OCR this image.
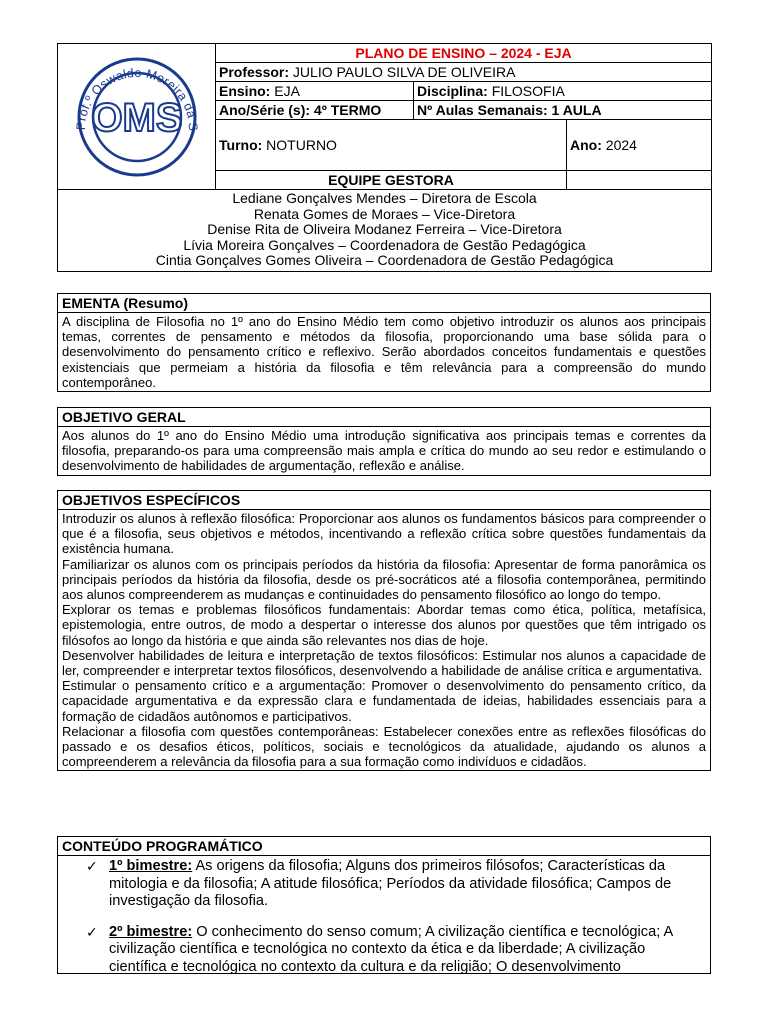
Prof.º Oswaldo Moreira da S
OMS	PLANO DE ENSINO – 2024 - EJA		
	Professor: JULIO PAULO SILVA DE OLIVEIRA		
	Ensino: EJA	Disciplina: FILOSOFIA	
	Ano/Série (s): 4º TERMO	Nº Aulas Semanais: 1 AULA	
	Turno: NOTURNO		Ano: 2024
	EQUIPE GESTORA		

Lediane Gonçalves Mendes – Diretora de Escola
Renata Gomes de Moraes – Vice-Diretora
Denise Rita de Oliveira Modanez Ferreira – Vice-Diretora
Lívia Moreira Gonçalves – Coordenadora de Gestão Pedagógica
Cintia Gonçalves Gomes Oliveira – Coordenadora de Gestão Pedagógica			
EMENTA (Resumo)
A disciplina de Filosofia no 1º ano do Ensino Médio tem como objetivo introduzir os alunos aos principais temas, correntes de pensamento e métodos da filosofia, proporcionando uma base sólida para o desenvolvimento do pensamento crítico e reflexivo. Serão abordados conceitos fundamentais e questões existenciais que permeiam a história da filosofia e têm relevância para a compreensão do mundo contemporâneo.
OBJETIVO GERAL
Aos alunos do 1º ano do Ensino Médio uma introdução significativa aos principais temas e correntes da filosofia, preparando-os para uma compreensão mais ampla e crítica do mundo ao seu redor e estimulando o desenvolvimento de habilidades de argumentação, reflexão e análise.
OBJETIVOS ESPECÍFICOS

Introduzir os alunos à reflexão filosófica: Proporcionar aos alunos os fundamentos básicos para compreender o que é a filosofia, seus objetivos e métodos, incentivando a reflexão crítica sobre questões fundamentais da existência humana.

Familiarizar os alunos com os principais períodos da história da filosofia: Apresentar de forma panorâmica os principais períodos da história da filosofia, desde os pré-socráticos até a filosofia contemporânea, permitindo aos alunos compreenderem as mudanças e continuidades do pensamento filosófico ao longo do tempo.

Explorar os temas e problemas filosóficos fundamentais: Abordar temas como ética, política, metafísica, epistemologia, entre outros, de modo a despertar o interesse dos alunos por questões que têm intrigado os filósofos ao longo da história e que ainda são relevantes nos dias de hoje.

Desenvolver habilidades de leitura e interpretação de textos filosóficos: Estimular nos alunos a capacidade de ler, compreender e interpretar textos filosóficos, desenvolvendo a habilidade de análise crítica e argumentativa.

Estimular o pensamento crítico e a argumentação: Promover o desenvolvimento do pensamento crítico, da capacidade argumentativa e da expressão clara e fundamentada de ideias, habilidades essenciais para a formação de cidadãos autônomos e participativos.

Relacionar a filosofia com questões contemporâneas: Estabelecer conexões entre as reflexões filosóficas do passado e os desafios éticos, políticos, sociais e tecnológicos da atualidade, ajudando os alunos a compreenderem a relevância da filosofia para a sua formação como indivíduos e cidadãos.

CONTEÚDO PROGRAMÁTICO
✓ 1º bimestre: As origens da filosofia; Alguns dos primeiros filósofos; Características da mitologia e da filosofia; A atitude filosófica; Períodos da atividade filosófica; Campos de investigação da filosofia.
✓ 2º bimestre: O conhecimento do senso comum; A civilização científica e tecnológica; A civilização científica e tecnológica no contexto da ética e da liberdade; A civilização científica e tecnológica no contexto da cultura e da religião; O desenvolvimento
